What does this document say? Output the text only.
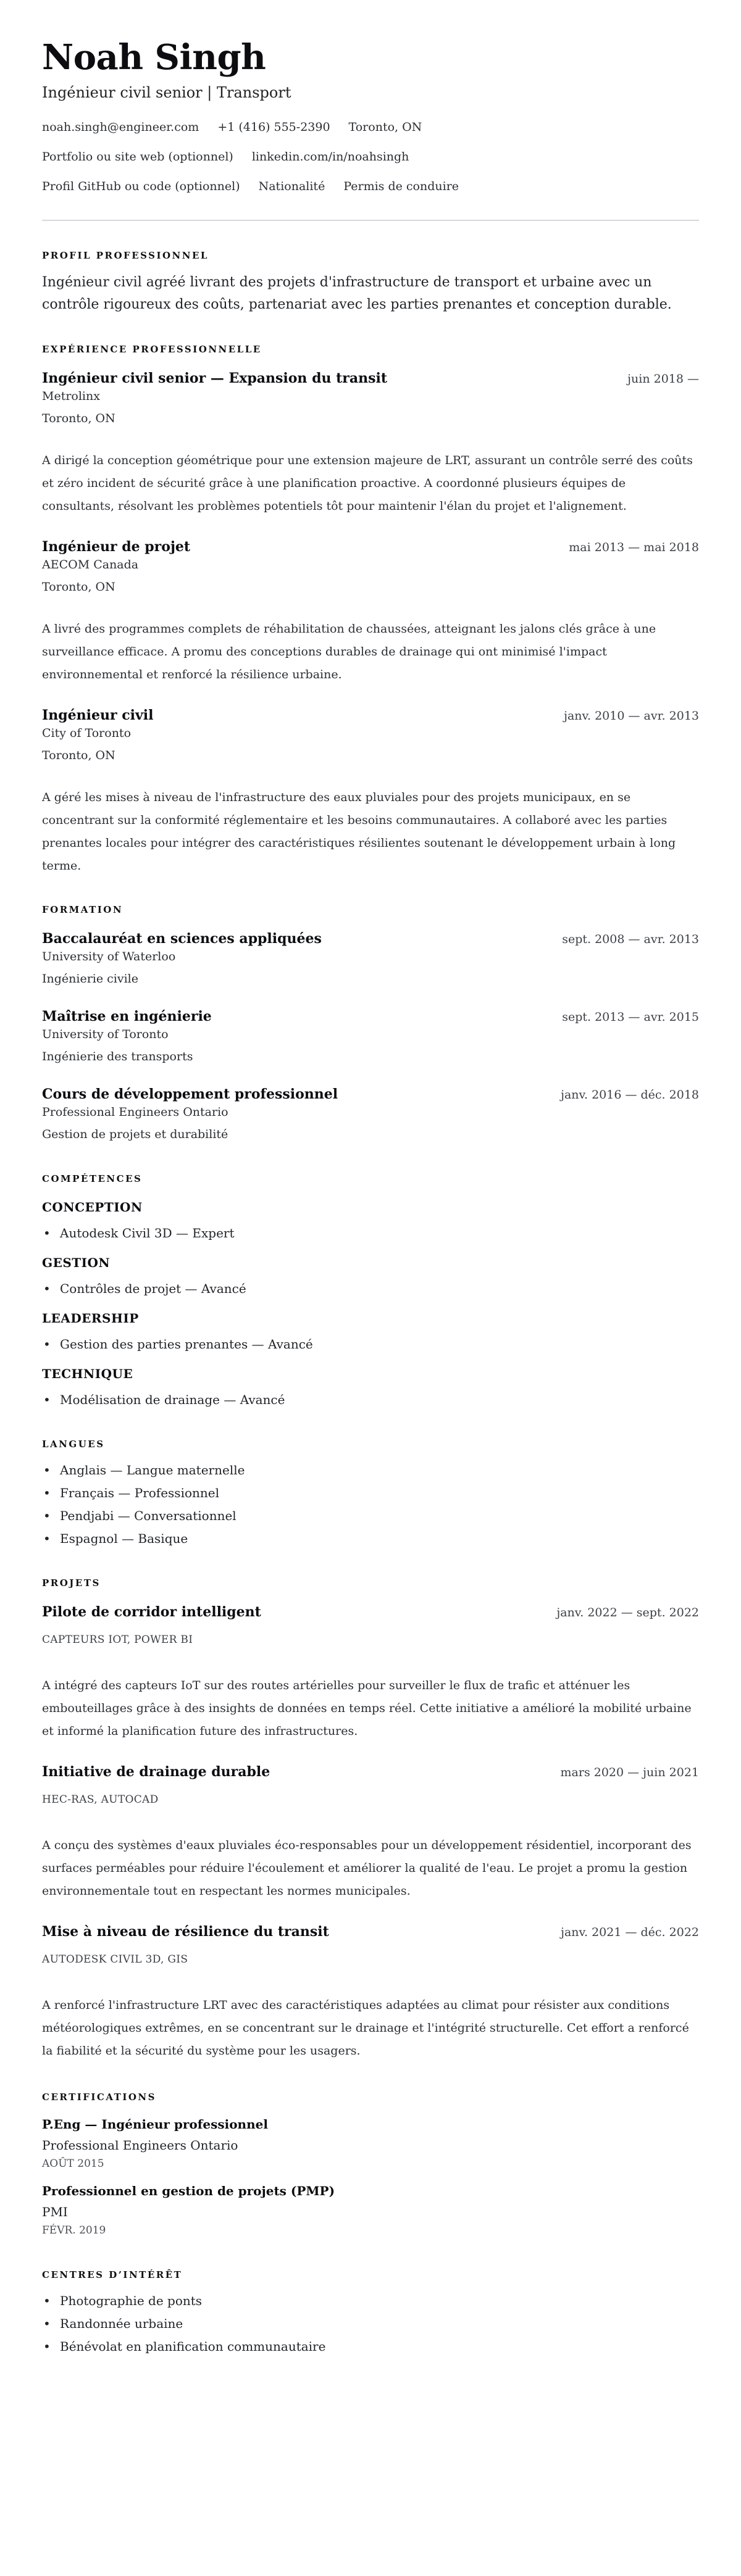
Noah Singh
Ingénieur civil senior | Transport
noah.singh@engineer.com +1 (416) 555-2390 Toronto, ON
Portfolio ou site web (optionnel) linkedin.com/in/noahsingh
Profil GitHub ou code (optionnel) Nationalité Permis de conduire
PROFIL PROFESSIONNEL

Ingénieur civil agréé livrant des projets d'infrastructure de transport et urbaine avec un contrôle rigoureux des coûts, partenariat avec les parties prenantes et conception durable.

EXPÉRIENCE PROFESSIONNELLE
Ingénieur civil senior — Expansion du transit	juin 2018 —
Metrolinx
Toronto, ON

A dirigé la conception géométrique pour une extension majeure de LRT, assurant un contrôle serré des coûts et zéro incident de sécurité grâce à une planification proactive. A coordonné plusieurs équipes de consultants, résolvant les problèmes potentiels tôt pour maintenir l'élan du projet et l'alignement.

Ingénieur de projet	mai 2013 — mai 2018
AECOM Canada
Toronto, ON

A livré des programmes complets de réhabilitation de chaussées, atteignant les jalons clés grâce à une surveillance efficace. A promu des conceptions durables de drainage qui ont minimisé l'impact environnemental et renforcé la résilience urbaine.

Ingénieur civil	janv. 2010 — avr. 2013
City of Toronto
Toronto, ON

A géré les mises à niveau de l'infrastructure des eaux pluviales pour des projets municipaux, en se concentrant sur la conformité réglementaire et les besoins communautaires. A collaboré avec les parties prenantes locales pour intégrer des caractéristiques résilientes soutenant le développement urbain à long terme.

FORMATION
Baccalauréat en sciences appliquées	sept. 2008 — avr. 2013
University of Waterloo
Ingénierie civile
Maîtrise en ingénierie	sept. 2013 — avr. 2015
University of Toronto
Ingénierie des transports
Cours de développement professionnel	janv. 2016 — déc. 2018
Professional Engineers Ontario
Gestion de projets et durabilité
COMPÉTENCES
CONCEPTION
• Autodesk Civil 3D — Expert
GESTION
• Contrôles de projet — Avancé
LEADERSHIP
• Gestion des parties prenantes — Avancé
TECHNIQUE
• Modélisation de drainage — Avancé
LANGUES
• Anglais — Langue maternelle
• Français — Professionnel
• Pendjabi — Conversationnel
• Espagnol — Basique
PROJETS
Pilote de corridor intelligent	janv. 2022 — sept. 2022
CAPTEURS IOT, POWER BI

A intégré des capteurs IoT sur des routes artérielles pour surveiller le flux de trafic et atténuer les embouteillages grâce à des insights de données en temps réel. Cette initiative a amélioré la mobilité urbaine et informé la planification future des infrastructures.

Initiative de drainage durable	mars 2020 — juin 2021
HEC-RAS, AUTOCAD

A conçu des systèmes d'eaux pluviales éco-responsables pour un développement résidentiel, incorporant des surfaces perméables pour réduire l'écoulement et améliorer la qualité de l'eau. Le projet a promu la gestion environnementale tout en respectant les normes municipales.

Mise à niveau de résilience du transit	janv. 2021 — déc. 2022
AUTODESK CIVIL 3D, GIS

A renforcé l'infrastructure LRT avec des caractéristiques adaptées au climat pour résister aux conditions météorologiques extrêmes, en se concentrant sur le drainage et l'intégrité structurelle. Cet effort a renforcé la fiabilité et la sécurité du système pour les usagers.

CERTIFICATIONS
P.Eng — Ingénieur professionnel
Professional Engineers Ontario
AOÛT 2015
Professionnel en gestion de projets (PMP)
PMI
FÉVR. 2019
CENTRES D’INTÉRÊT
• Photographie de ponts
• Randonnée urbaine
• Bénévolat en planification communautaire
